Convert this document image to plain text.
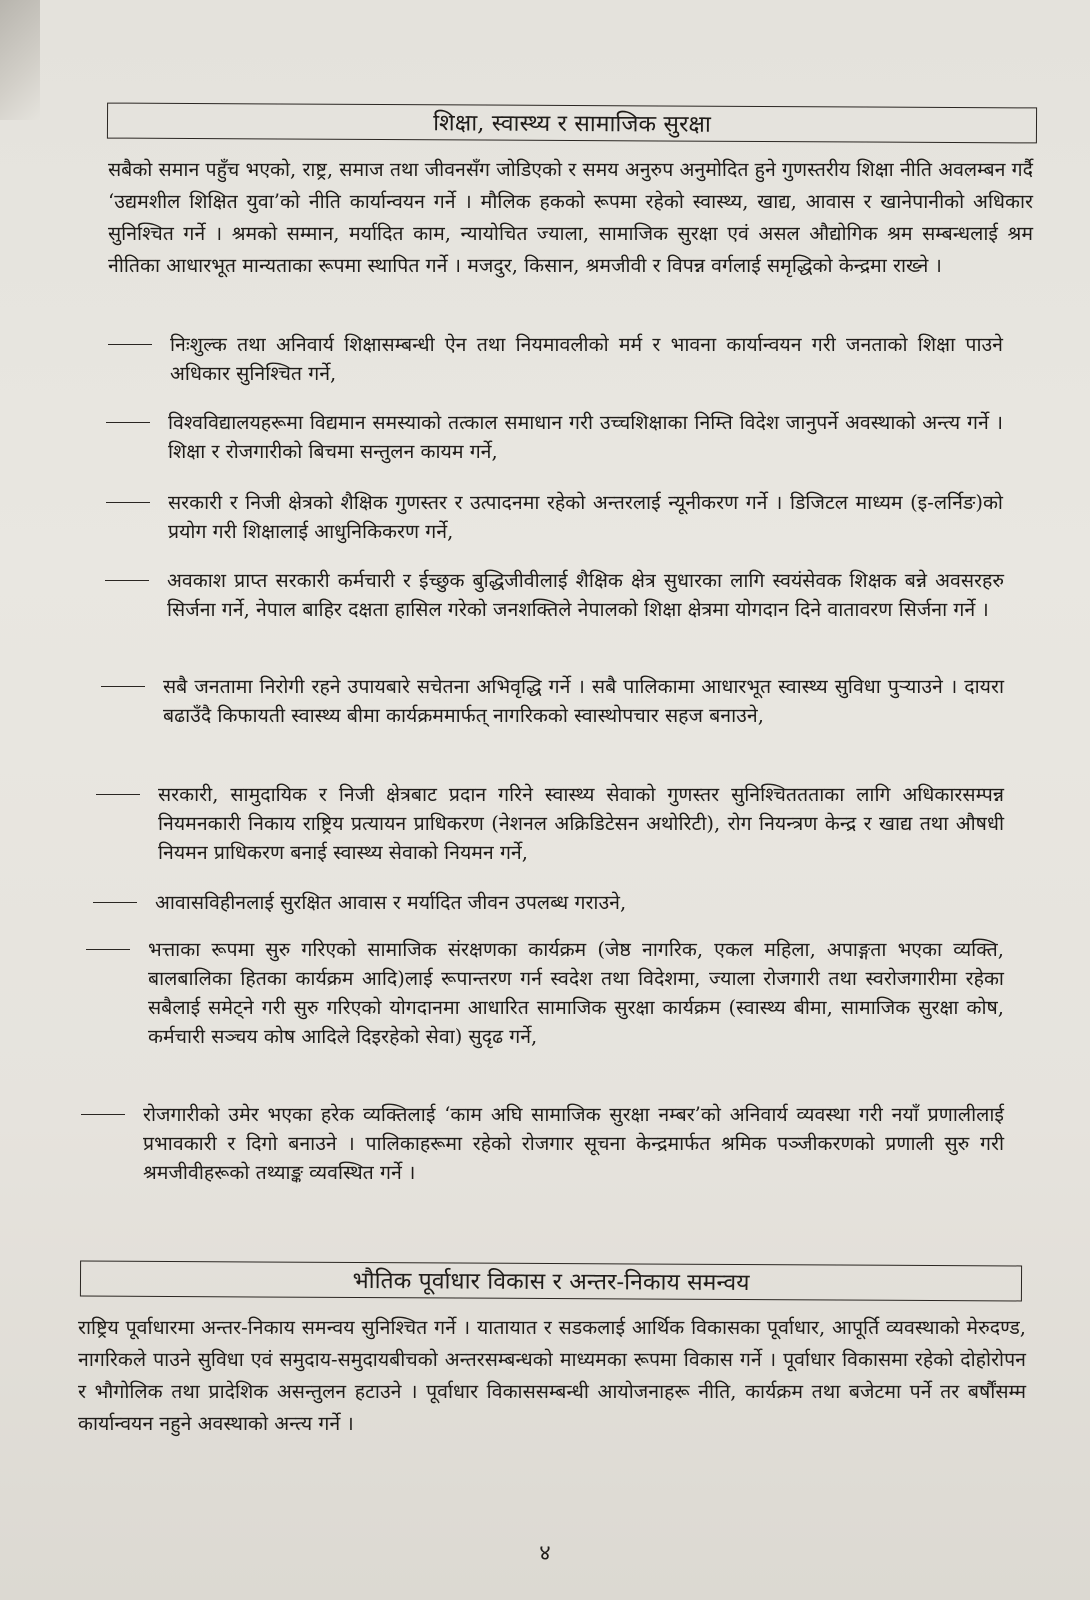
शिक्षा, स्वास्थ्य र सामाजिक सुरक्षा

सबैको समान पहुँच भएको, राष्ट्र, समाज तथा जीवनसँग जोडिएको र समय अनुरुप अनुमोदित हुने गुणस्तरीय शिक्षा नीति अवलम्बन गर्दै ‘उद्यमशील शिक्षित युवा’को नीति कार्यान्वयन गर्ने । मौलिक हकको रूपमा रहेको स्वास्थ्य, खाद्य, आवास र खानेपानीको अधिकार सुनिश्चित गर्ने । श्रमको सम्मान, मर्यादित काम, न्यायोचित ज्याला, सामाजिक सुरक्षा एवं असल औद्योगिक श्रम सम्बन्धलाई श्रम नीतिका आधारभूत मान्यताका रूपमा स्थापित गर्ने । मजदुर, किसान, श्रमजीवी र विपन्न वर्गलाई समृद्धिको केन्द्रमा राख्ने ।

निःशुल्क तथा अनिवार्य शिक्षासम्बन्धी ऐन तथा नियमावलीको मर्म र भावना कार्यान्वयन गरी जनताको शिक्षा पाउने अधिकार सुनिश्चित गर्ने,
विश्वविद्यालयहरूमा विद्यमान समस्याको तत्काल समाधान गरी उच्चशिक्षाका निम्ति विदेश जानुपर्ने अवस्थाको अन्त्य गर्ने । शिक्षा र रोजगारीको बिचमा सन्तुलन कायम गर्ने,
सरकारी र निजी क्षेत्रको शैक्षिक गुणस्तर र उत्पादनमा रहेको अन्तरलाई न्यूनीकरण गर्ने । डिजिटल माध्यम (इ-लर्निङ)को प्रयोग गरी शिक्षालाई आधुनिकिकरण गर्ने,
अवकाश प्राप्त सरकारी कर्मचारी र ईच्छुक बुद्धिजीवीलाई शैक्षिक क्षेत्र सुधारका लागि स्वयंसेवक शिक्षक बन्ने अवसरहरु सिर्जना गर्ने, नेपाल बाहिर दक्षता हासिल गरेको जनशक्तिले नेपालको शिक्षा क्षेत्रमा योगदान दिने वातावरण सिर्जना गर्ने ।
सबै जनतामा निरोगी रहने उपायबारे सचेतना अभिवृद्धि गर्ने । सबै पालिकामा आधारभूत स्वास्थ्य सुविधा पुऱ्याउने । दायरा बढाउँदै किफायती स्वास्थ्य बीमा कार्यक्रममार्फत् नागरिकको स्वास्थोपचार सहज बनाउने,
सरकारी, सामुदायिक र निजी क्षेत्रबाट प्रदान गरिने स्वास्थ्य सेवाको गुणस्तर सुनिश्चिततताका लागि अधिकारसम्पन्न नियमनकारी निकाय राष्ट्रिय प्रत्यायन प्राधिकरण (नेशनल अक्रिडिटेसन अथोरिटी), रोग नियन्त्रण केन्द्र र खाद्य तथा औषधी नियमन प्राधिकरण बनाई स्वास्थ्य सेवाको नियमन गर्ने,
आवासविहीनलाई सुरक्षित आवास र मर्यादित जीवन उपलब्ध गराउने,
भत्ताका रूपमा सुरु गरिएको सामाजिक संरक्षणका कार्यक्रम (जेष्ठ नागरिक, एकल महिला, अपाङ्गता भएका व्यक्ति, बालबालिका हितका कार्यक्रम आदि)लाई रूपान्तरण गर्न स्वदेश तथा विदेशमा, ज्याला रोजगारी तथा स्वरोजगारीमा रहेका सबैलाई समेट्ने गरी सुरु गरिएको योगदानमा आधारित सामाजिक सुरक्षा कार्यक्रम (स्वास्थ्य बीमा, सामाजिक सुरक्षा कोष, कर्मचारी सञ्चय कोष आदिले दिइरहेको सेवा) सुदृढ गर्ने,
रोजगारीको उमेर भएका हरेक व्यक्तिलाई ‘काम अघि सामाजिक सुरक्षा नम्बर’को अनिवार्य व्यवस्था गरी नयाँ प्रणालीलाई प्रभावकारी र दिगो बनाउने । पालिकाहरूमा रहेको रोजगार सूचना केन्द्रमार्फत श्रमिक पञ्जीकरणको प्रणाली सुरु गरी श्रमजीवीहरूको तथ्याङ्क व्यवस्थित गर्ने ।
भौतिक पूर्वाधार विकास र अन्तर-निकाय समन्वय

राष्ट्रिय पूर्वाधारमा अन्तर-निकाय समन्वय सुनिश्चित गर्ने । यातायात र सडकलाई आर्थिक विकासका पूर्वाधार, आपूर्ति व्यवस्थाको मेरुदण्ड, नागरिकले पाउने सुविधा एवं समुदाय-समुदायबीचको अन्तरसम्बन्धको माध्यमका रूपमा विकास गर्ने । पूर्वाधार विकासमा रहेको दोहोरोपन र भौगोलिक तथा प्रादेशिक असन्तुलन हटाउने । पूर्वाधार विकाससम्बन्धी आयोजनाहरू नीति, कार्यक्रम तथा बजेटमा पर्ने तर बर्षौंसम्म कार्यान्वयन नहुने अवस्थाको अन्त्य गर्ने ।

४
